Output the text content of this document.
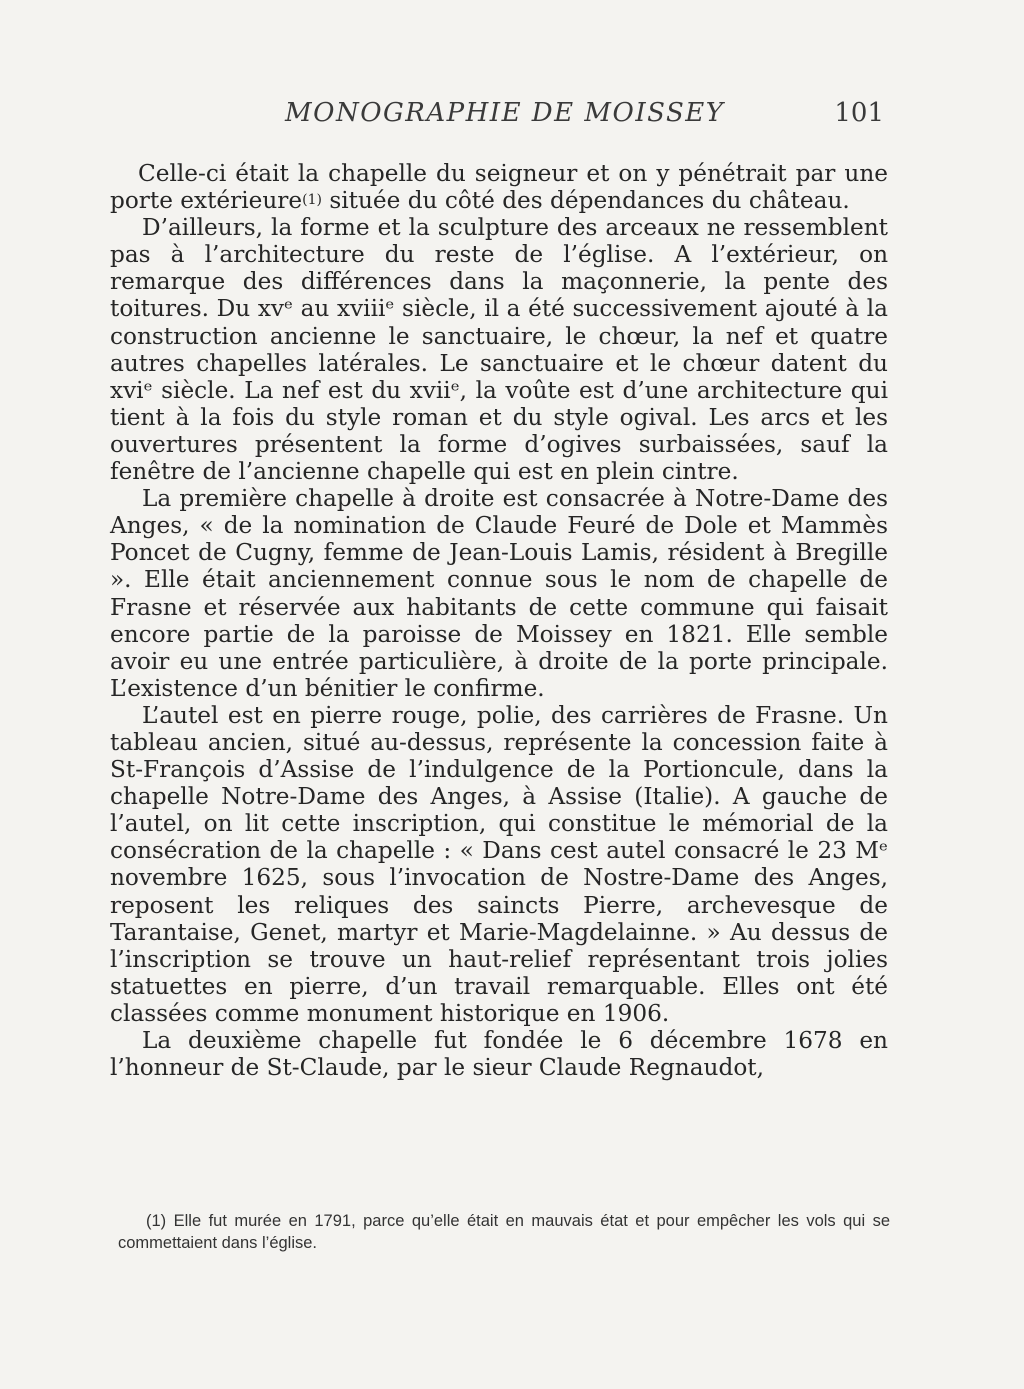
MONOGRAPHIE DE MOISSEY	101

Celle-ci était la chapelle du seigneur et on y pénétrait par une porte extérieure(1) située du côté des dépendances du château.

D’ailleurs, la forme et la sculpture des arceaux ne ressemblent pas à l’architecture du reste de l’église. A l’extérieur, on remarque des différences dans la maçonnerie, la pente des toitures. Du xvᵉ au xviiiᵉ siècle, il a été successivement ajouté à la construction ancienne le sanctuaire, le chœur, la nef et quatre autres chapelles latérales. Le sanctuaire et le chœur datent du xviᵉ siècle. La nef est du xviiᵉ, la voûte est d’une architecture qui tient à la fois du style roman et du style ogival. Les arcs et les ouvertures présentent la forme d’ogives surbaissées, sauf la fenêtre de l’ancienne chapelle qui est en plein cintre.

La première chapelle à droite est consacrée à Notre-Dame des Anges, « de la nomination de Claude Feuré de Dole et Mammès Poncet de Cugny, femme de Jean-Louis Lamis, résident à Bregille ». Elle était anciennement connue sous le nom de chapelle de Frasne et réservée aux habitants de cette commune qui faisait encore partie de la paroisse de Moissey en 1821. Elle semble avoir eu une entrée particulière, à droite de la porte principale. L’existence d’un bénitier le confirme.

L’autel est en pierre rouge, polie, des carrières de Frasne. Un tableau ancien, situé au-dessus, représente la concession faite à St-François d’Assise de l’indulgence de la Portioncule, dans la chapelle Notre-Dame des Anges, à Assise (Italie). A gauche de l’autel, on lit cette inscription, qui constitue le mémorial de la consécration de la chapelle : « Dans cest autel consacré le 23 Mᵉ novembre 1625, sous l’invocation de Nostre-Dame des Anges, reposent les reliques des saincts Pierre, archevesque de Tarantaise, Genet, martyr et Marie-Magdelainne. » Au dessus de l’inscription se trouve un haut-relief représentant trois jolies statuettes en pierre, d’un travail remarquable. Elles ont été classées comme monument historique en 1906.

La deuxième chapelle fut fondée le 6 décembre 1678 en l’honneur de St-Claude, par le sieur Claude Regnaudot,

(1) Elle fut murée en 1791, parce qu’elle était en mauvais état et pour empêcher les vols qui se commettaient dans l’église.
